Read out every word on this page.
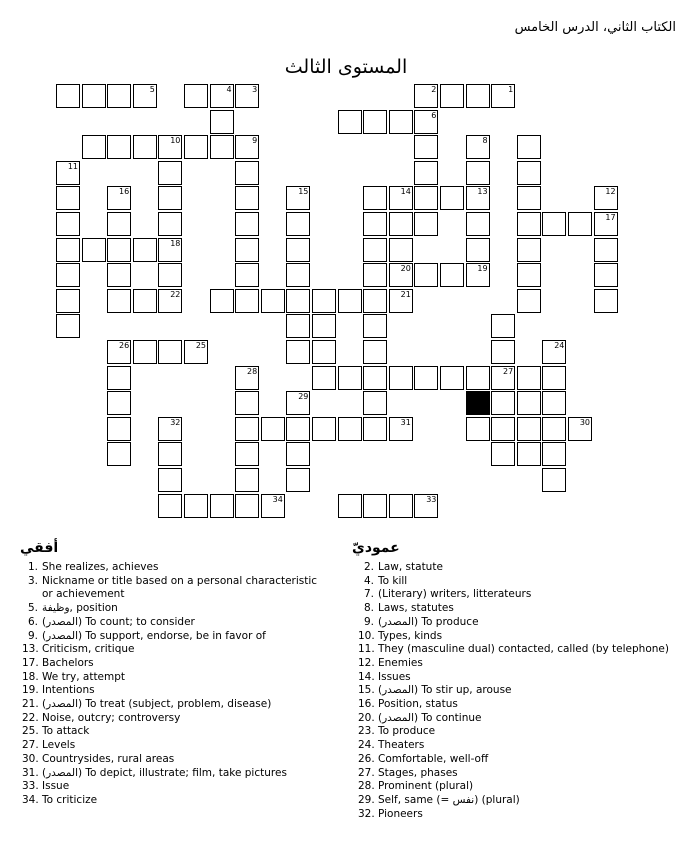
الكتاب الثاني، الدرس الخامس
المستوى الثالث
5	4	3	2	1
6
10	9
18
11
16	15
8
13	12
17
14
20	19
22	21
26	25
27
24
28
32
29
31	30
34	33
أفقي
1. She realizes, achieves
3. Nickname or title based on a personal characteristic or achievement
5. وظيفة, position
6. (المصدر) To count; to consider
9. (المصدر) To support, endorse, be in favor of
13. Criticism, critique
17. Bachelors
18. We try, attempt
19. Intentions
21. (المصدر) To treat (subject, problem, disease)
22. Noise, outcry; controversy
25. To attack
27. Levels
30. Countrysides, rural areas
31. (المصدر) To depict, illustrate; film, take pictures
33. Issue
34. To criticize
عموديّ
2. Law, statute
4. To kill
7. (Literary) writers, litterateurs
8. Laws, statutes
9. (المصدر) To produce
10. Types, kinds
11. They (masculine dual) contacted, called (by telephone)
12. Enemies
14. Issues
15. (المصدر) To stir up, arouse
16. Position, status
20. (المصدر) To continue
23. To produce
24. Theaters
26. Comfortable, well-off
27. Stages, phases
28. Prominent (plural)
29. Self, same (= نفس) (plural)
32. Pioneers
